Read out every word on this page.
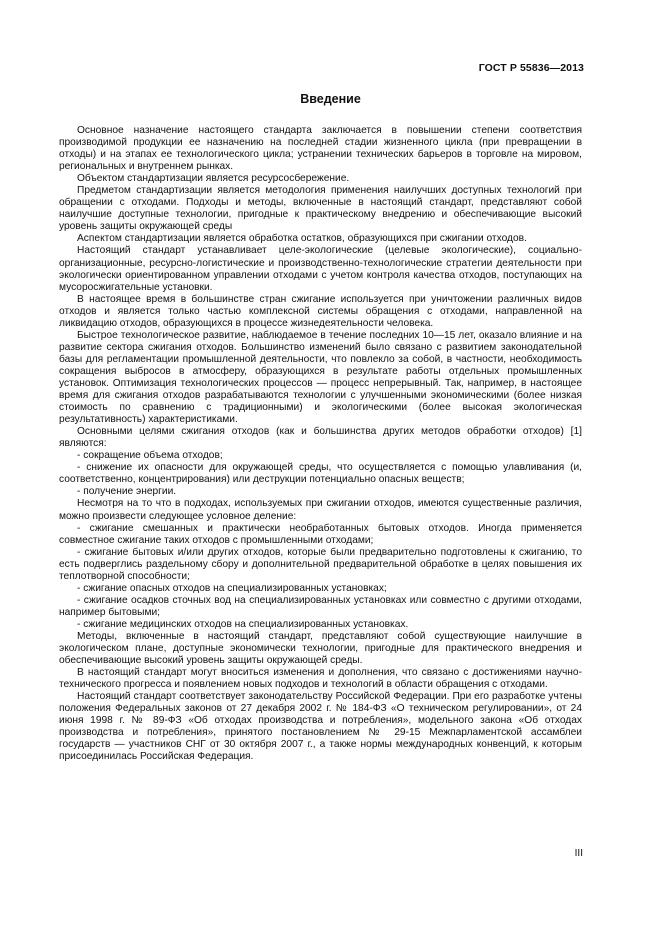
ГОСТ Р 55836—2013
Введение

Основное назначение настоящего стандарта заключается в повышении степени соответствия производимой продукции ее назначению на последней стадии жизненного цикла (при превращении в отходы) и на этапах ее технологического цикла; устранении технических барьеров в торговле на мировом, региональных и внутреннем рынках.

Объектом стандартизации является ресурсосбережение.

Предметом стандартизации является методология применения наилучших доступных технологий при обращении с отходами. Подходы и методы, включенные в настоящий стандарт, представляют собой наилучшие доступные технологии, пригодные к практическому внедрению и обеспечивающие высокий уровень защиты окружающей среды

Аспектом стандартизации является обработка остатков, образующихся при сжигании отходов.

Настоящий стандарт устанавливает целе-экологические (целевые экологические), социально-организационные, ресурсно-логистические и производственно-технологические стратегии деятельности при экологически ориентированном управлении отходами с учетом контроля качества отходов, поступающих на мусоросжигательные установки.

В настоящее время в большинстве стран сжигание используется при уничтожении различных видов отходов и является только частью комплексной системы обращения с отходами, направленной на ликвидацию отходов, образующихся в процессе жизнедеятельности человека.

Быстрое технологическое развитие, наблюдаемое в течение последних 10—15 лет, оказало влияние и на развитие сектора сжигания отходов. Большинство изменений было связано с развитием законодательной базы для регламентации промышленной деятельности, что повлекло за собой, в частности, необходимость сокращения выбросов в атмосферу, образующихся в результате работы отдельных промышленных установок. Оптимизация технологических процессов — процесс непрерывный. Так, например, в настоящее время для сжигания отходов разрабатываются технологии с улучшенными экономическими (более низкая стоимость по сравнению с традиционными) и экологическими (более высокая экологическая результативность) характеристиками.

Основными целями сжигания отходов (как и большинства других методов обработки отходов) [1] являются:

- сокращение объема отходов;

- снижение их опасности для окружающей среды, что осуществляется с помощью улавливания (и, соответственно, концентрирования) или деструкции потенциально опасных веществ;

- получение энергии.

Несмотря на то что в подходах, используемых при сжигании отходов, имеются существенные различия, можно произвести следующее условное деление:

- сжигание смешанных и практически необработанных бытовых отходов. Иногда применяется совместное сжигание таких отходов с промышленными отходами;

- сжигание бытовых и/или других отходов, которые были предварительно подготовлены к сжиганию, то есть подверглись раздельному сбору и дополнительной предварительной обработке в целях повышения их теплотворной способности;

- сжигание опасных отходов на специализированных установках;

- сжигание осадков сточных вод на специализированных установках или совместно с другими отходами, например бытовыми;

- сжигание медицинских отходов на специализированных установках.

Методы, включенные в настоящий стандарт, представляют собой существующие наилучшие в экологическом плане, доступные экономически технологии, пригодные для практического внедрения и обеспечивающие высокий уровень защиты окружающей среды.

В настоящий стандарт могут вноситься изменения и дополнения, что связано с достижениями научно-технического прогресса и появлением новых подходов и технологий в области обращения с отходами.

Настоящий стандарт соответствует законодательству Российской Федерации. При его разработке учтены положения Федеральных законов от 27 декабря 2002 г. № 184-ФЗ «О техническом регулировании», от 24 июня 1998 г. № 89-ФЗ «Об отходах производства и потребления», модельного закона «Об отходах производства и потребления», принятого постановлением № 29-15 Межпарламентской ассамблеи государств — участников СНГ от 30 октября 2007 г., а также нормы международных конвенций, к которым присоединилась Российская Федерация.

III
